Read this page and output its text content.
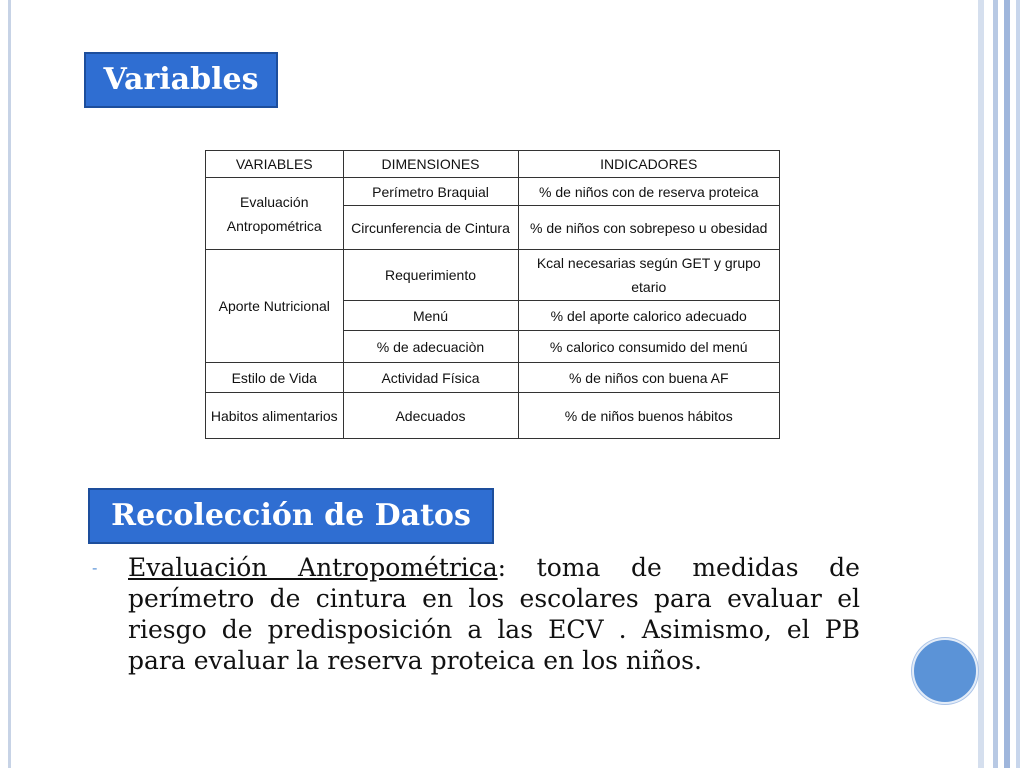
Variables
VARIABLES	DIMENSIONES	INDICADORES
Evaluación Antropométrica	Perímetro Braquial	% de niños con de reserva proteica
	Circunferencia de Cintura	% de niños con sobrepeso u obesidad
Aporte Nutricional	Requerimiento	Kcal necesarias según GET y grupo etario
	Menú	% del aporte calorico adecuado
	% de adecuaciòn	% calorico consumido del menú
Estilo de Vida	Actividad Física	% de niños con buena AF
Habitos alimentarios	Adecuados	% de niños buenos hábitos
Recolección de Datos
- Evaluación Antropométrica: toma de medidas de perímetro de cintura en los escolares para evaluar el riesgo de predisposición a las ECV . Asimismo, el PB para evaluar la reserva proteica en los niños.
